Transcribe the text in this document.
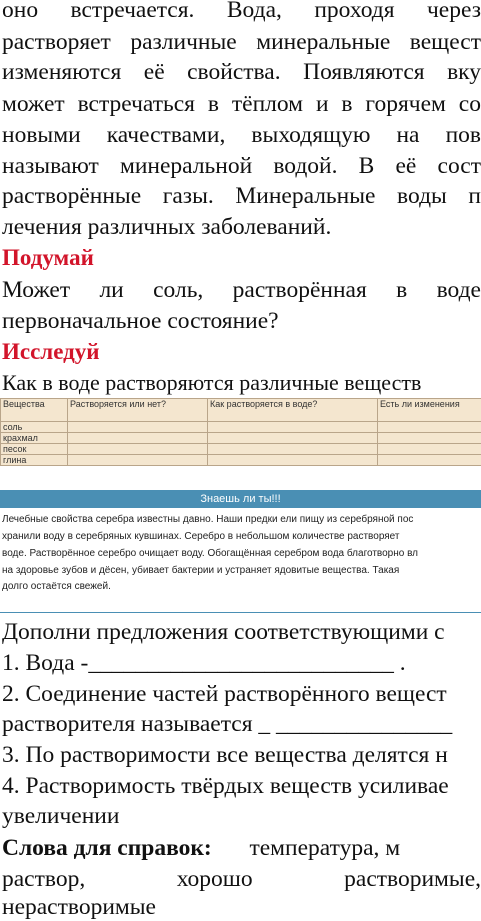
оно встречается. Вода, проходя через
растворяет различные минеральные вещест
изменяются её свойства. Появляются вку
может встречаться в тёплом и в горячем со
новыми качествами, выходящую на пов
называют минеральной водой. В её сост
растворённые газы. Минеральные воды п
лечения различных заболеваний.
Подумай
Может ли соль, растворённая в воде
первоначальное состояние?
Исследуй
Как в воде растворяются различные веществ
Вещества	Растворяется или нет?	Как растворяется в воде?	Есть ли изменения
соль			
крахмал			
песок			
глина			
Знаешь ли ты!!!
Лечебные свойства серебра известны давно. Наши предки ели пищу из серебряной пос
хранили воду в серебряных кувшинах. Серебро в небольшом количестве растворяет
воде. Растворённое серебро очищает воду. Обогащённая серебром вода благотворно вл
на здоровье зубов и дёсен, убивает бактерии и устраняет ядовитые вещества. Такая
долго остаётся свежей.
Дополни предложения соответствующими с
1. Вода -__________________________ .
2. Соединение частей растворённого вещест
растворителя называется _ _______________
3. По растворимости все вещества делятся н
4. Растворимость твёрдых веществ усиливае
увеличении
Слова для справок: температура, м
раствор, хорошо растворимые,
нерастворимые
